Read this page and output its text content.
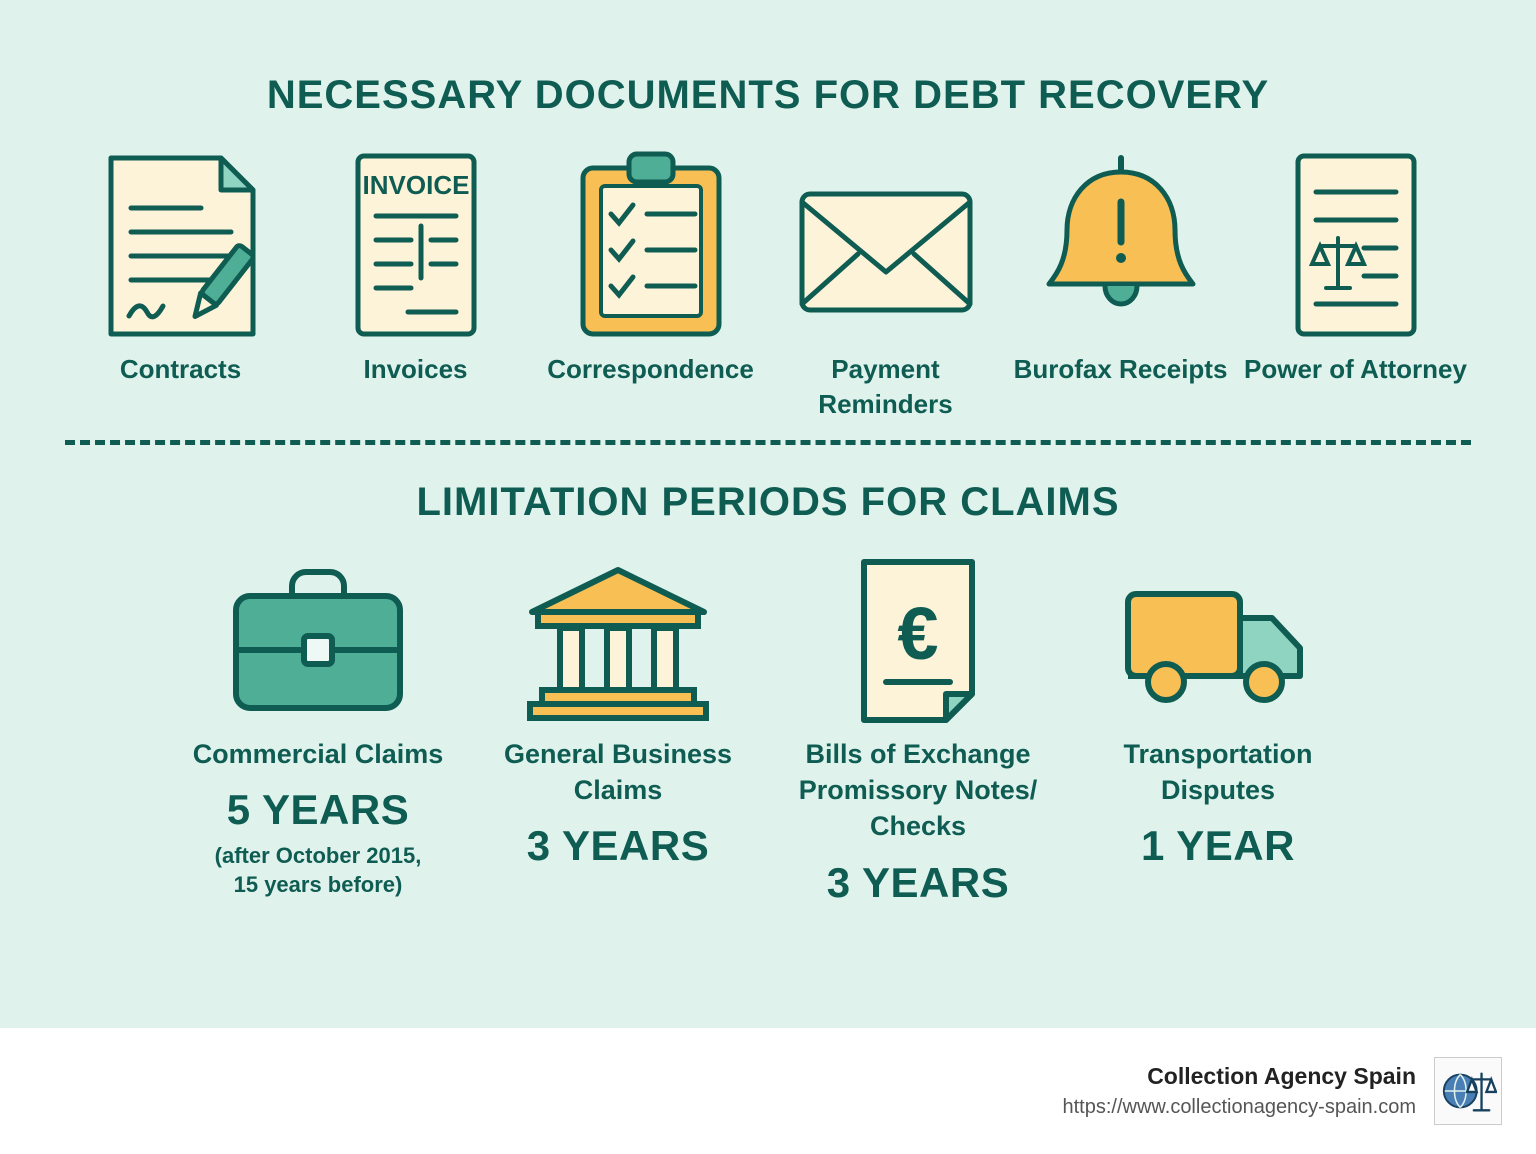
NECESSARY DOCUMENTS FOR DEBT RECOVERY
Contracts
INVOICE
Invoices	Correspondence	Payment Reminders
Burofax Receipts Power of Attorney
LIMITATION PERIODS FOR CLAIMS
Commercial Claims
5 YEARS
(after October 2015,
15 years before)
General Business Claims
3 YEARS
€
Bills of Exchange Promissory Notes/ Checks
3 YEARS
Transportation Disputes
1 YEAR
Collection Agency Spain
https://www.collectionagency-spain.com
